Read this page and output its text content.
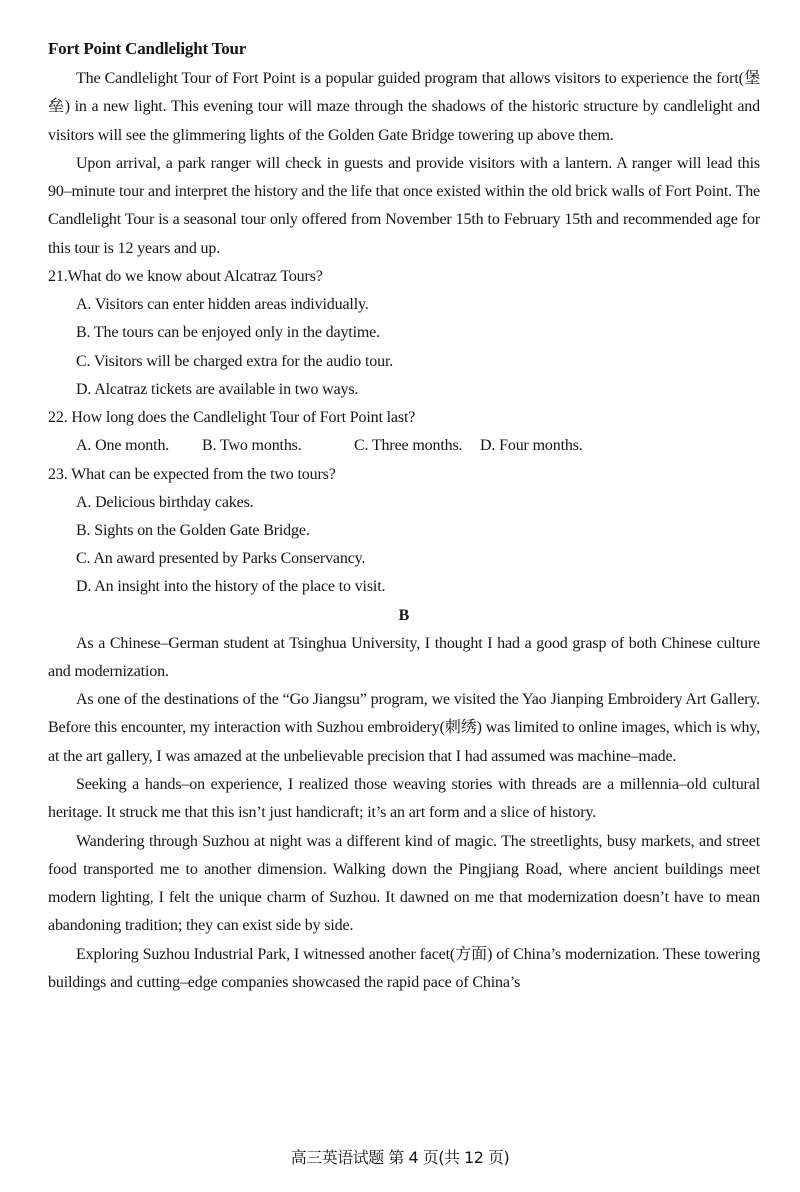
Fort Point Candlelight Tour

The Candlelight Tour of Fort Point is a popular guided program that allows visitors to experience the fort(堡垒) in a new light. This evening tour will maze through the shadows of the historic structure by candlelight and visitors will see the glimmering lights of the Golden Gate Bridge towering up above them.

Upon arrival, a park ranger will check in guests and provide visitors with a lantern. A ranger will lead this 90–minute tour and interpret the history and the life that once existed within the old brick walls of Fort Point. The Candlelight Tour is a seasonal tour only offered from November 15th to February 15th and recommended age for this tour is 12 years and up.

21.What do we know about Alcatraz Tours?

A. Visitors can enter hidden areas individually.

B. The tours can be enjoyed only in the daytime.

C. Visitors will be charged extra for the audio tour.

D. Alcatraz tickets are available in two ways.

22. How long does the Candlelight Tour of Fort Point last?

A. One month.	B. Two months.	C. Three months.	D. Four months.

23. What can be expected from the two tours?

A. Delicious birthday cakes.

B. Sights on the Golden Gate Bridge.

C. An award presented by Parks Conservancy.

D. An insight into the history of the place to visit.

B

As a Chinese–German student at Tsinghua University, I thought I had a good grasp of both Chinese culture and modernization.

As one of the destinations of the “Go Jiangsu” program, we visited the Yao Jianping Embroidery Art Gallery. Before this encounter, my interaction with Suzhou embroidery(刺绣) was limited to online images, which is why, at the art gallery, I was amazed at the unbelievable precision that I had assumed was machine–made.

Seeking a hands–on experience, I realized those weaving stories with threads are a millennia–old cultural heritage. It struck me that this isn’t just handicraft; it’s an art form and a slice of history.

Wandering through Suzhou at night was a different kind of magic. The streetlights, busy markets, and street food transported me to another dimension. Walking down the Pingjiang Road, where ancient buildings meet modern lighting, I felt the unique charm of Suzhou. It dawned on me that modernization doesn’t have to mean abandoning tradition; they can exist side by side.

Exploring Suzhou Industrial Park, I witnessed another facet(方面) of China’s modernization. These towering buildings and cutting–edge companies showcased the rapid pace of China’s

高三英语试题 第 4 页(共 12 页)
